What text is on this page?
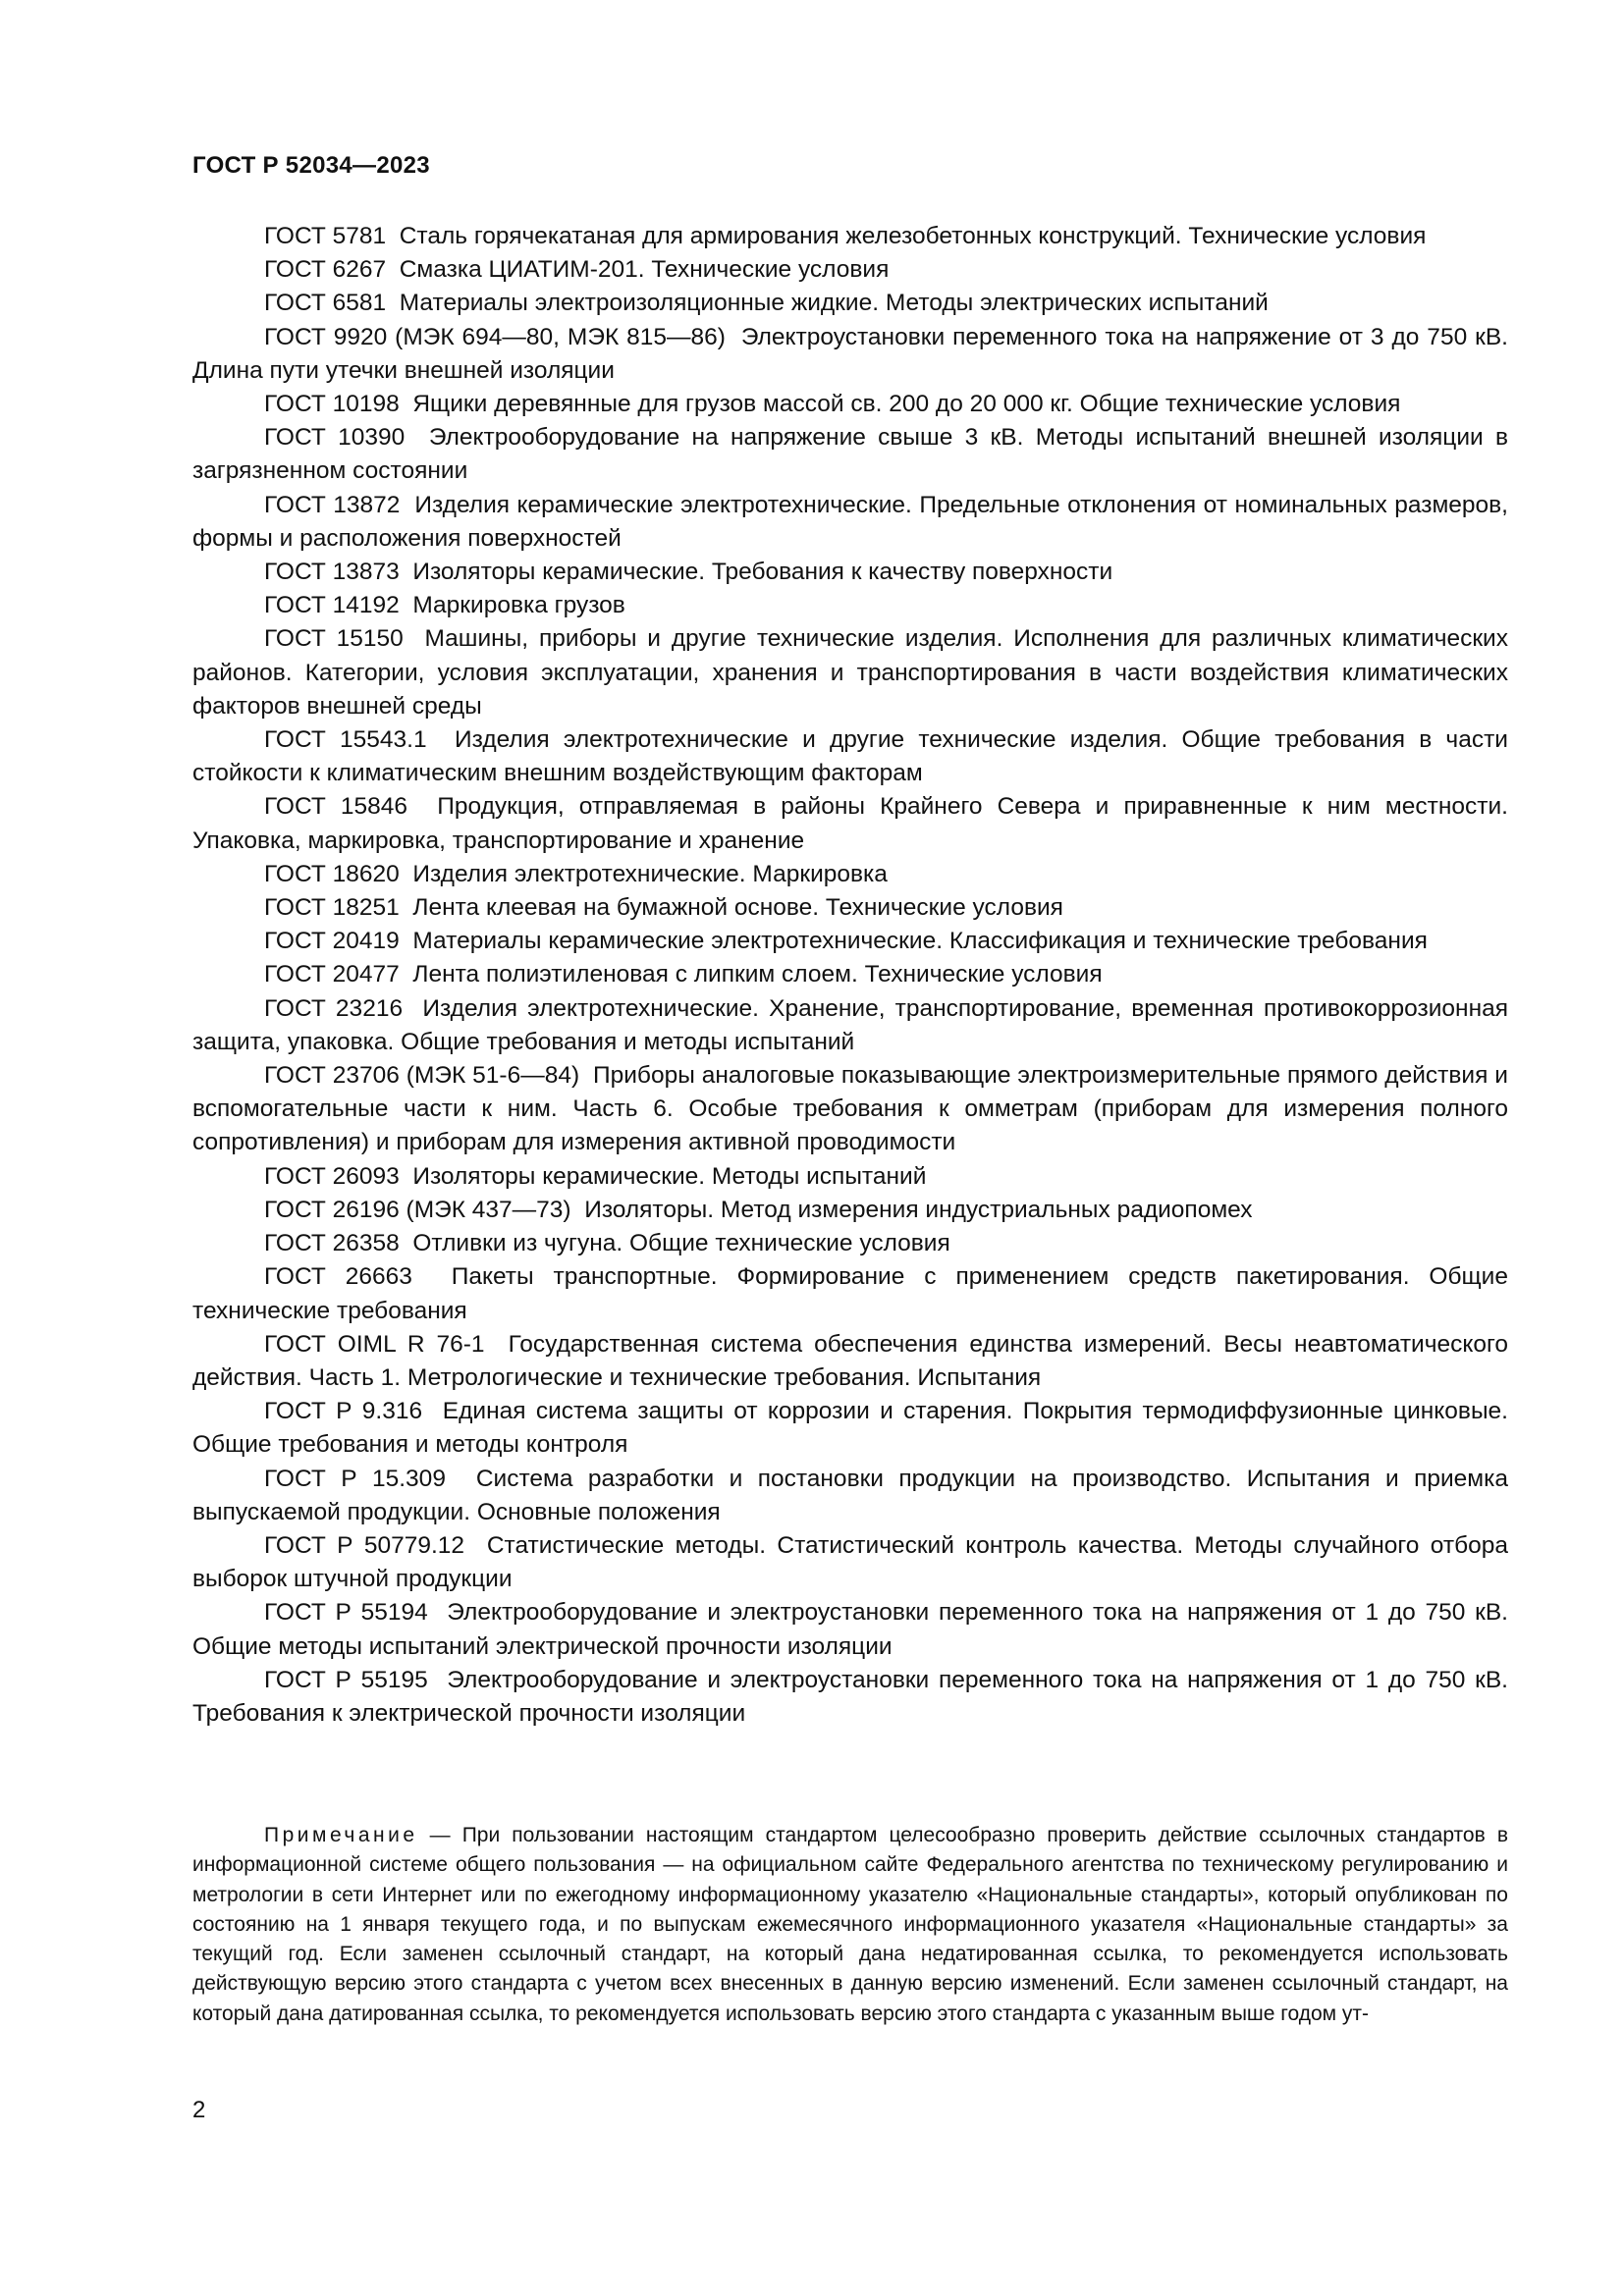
ГОСТ Р 52034—2023

ГОСТ 5781 Сталь горячекатаная для армирования железобетонных конструкций. Технические условия

ГОСТ 6267 Смазка ЦИАТИМ-201. Технические условия

ГОСТ 6581 Материалы электроизоляционные жидкие. Методы электрических испытаний

ГОСТ 9920 (МЭК 694—80, МЭК 815—86) Электроустановки переменного тока на напряжение от 3 до 750 кВ. Длина пути утечки внешней изоляции

ГОСТ 10198 Ящики деревянные для грузов массой св. 200 до 20 000 кг. Общие технические условия

ГОСТ 10390 Электрооборудование на напряжение свыше 3 кВ. Методы испытаний внешней изоляции в загрязненном состоянии

ГОСТ 13872 Изделия керамические электротехнические. Предельные отклонения от номинальных размеров, формы и расположения поверхностей

ГОСТ 13873 Изоляторы керамические. Требования к качеству поверхности

ГОСТ 14192 Маркировка грузов

ГОСТ 15150 Машины, приборы и другие технические изделия. Исполнения для различных климатических районов. Категории, условия эксплуатации, хранения и транспортирования в части воздействия климатических факторов внешней среды

ГОСТ 15543.1 Изделия электротехнические и другие технические изделия. Общие требования в части стойкости к климатическим внешним воздействующим факторам

ГОСТ 15846 Продукция, отправляемая в районы Крайнего Севера и приравненные к ним местности. Упаковка, маркировка, транспортирование и хранение

ГОСТ 18620 Изделия электротехнические. Маркировка

ГОСТ 18251 Лента клеевая на бумажной основе. Технические условия

ГОСТ 20419 Материалы керамические электротехнические. Классификация и технические требования

ГОСТ 20477 Лента полиэтиленовая с липким слоем. Технические условия

ГОСТ 23216 Изделия электротехнические. Хранение, транспортирование, временная противокоррозионная защита, упаковка. Общие требования и методы испытаний

ГОСТ 23706 (МЭК 51-6—84) Приборы аналоговые показывающие электроизмерительные прямого действия и вспомогательные части к ним. Часть 6. Особые требования к омметрам (приборам для измерения полного сопротивления) и приборам для измерения активной проводимости

ГОСТ 26093 Изоляторы керамические. Методы испытаний

ГОСТ 26196 (МЭК 437—73) Изоляторы. Метод измерения индустриальных радиопомех

ГОСТ 26358 Отливки из чугуна. Общие технические условия

ГОСТ 26663 Пакеты транспортные. Формирование с применением средств пакетирования. Общие технические требования

ГОСТ OIML R 76-1 Государственная система обеспечения единства измерений. Весы неавтоматического действия. Часть 1. Метрологические и технические требования. Испытания

ГОСТ Р 9.316 Единая система защиты от коррозии и старения. Покрытия термодиффузионные цинковые. Общие требования и методы контроля

ГОСТ Р 15.309 Система разработки и постановки продукции на производство. Испытания и приемка выпускаемой продукции. Основные положения

ГОСТ Р 50779.12 Статистические методы. Статистический контроль качества. Методы случайного отбора выборок штучной продукции

ГОСТ Р 55194 Электрооборудование и электроустановки переменного тока на напряжения от 1 до 750 кВ. Общие методы испытаний электрической прочности изоляции

ГОСТ Р 55195 Электрооборудование и электроустановки переменного тока на напряжения от 1 до 750 кВ. Требования к электрической прочности изоляции

Примечание — При пользовании настоящим стандартом целесообразно проверить действие ссылочных стандартов в информационной системе общего пользования — на официальном сайте Федерального агентства по техническому регулированию и метрологии в сети Интернет или по ежегодному информационному указателю «Национальные стандарты», который опубликован по состоянию на 1 января текущего года, и по выпускам ежемесячного информационного указателя «Национальные стандарты» за текущий год. Если заменен ссылочный стандарт, на который дана недатированная ссылка, то рекомендуется использовать действующую версию этого стандарта с учетом всех внесенных в данную версию изменений. Если заменен ссылочный стандарт, на который дана датированная ссылка, то рекомендуется использовать версию этого стандарта с указанным выше годом ут-

2
